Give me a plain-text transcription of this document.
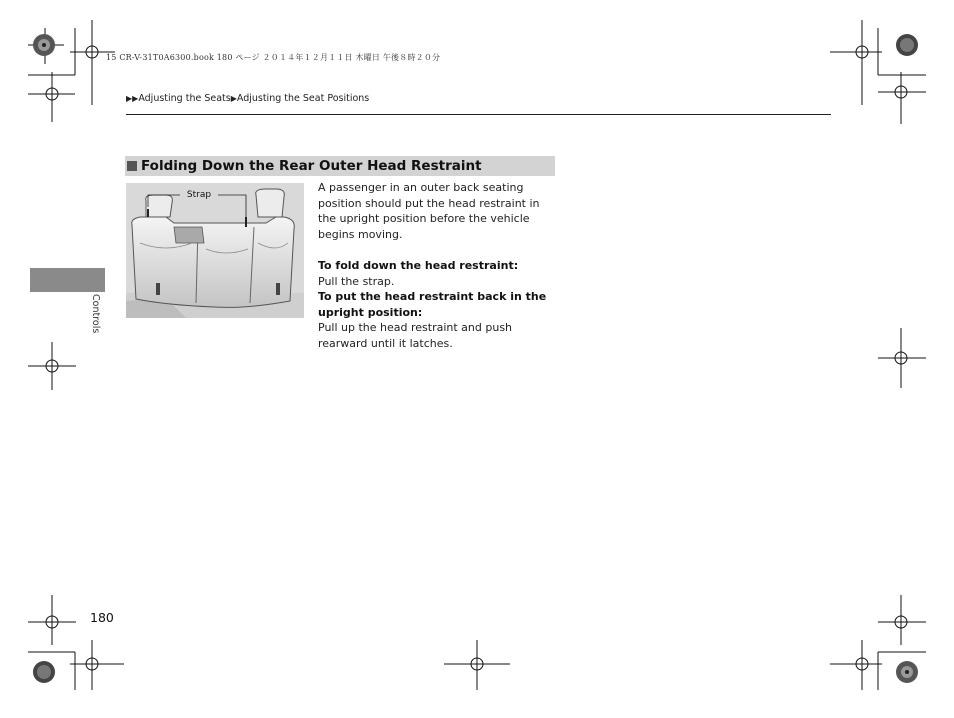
15 CR-V-31T0A6300.book 180 ページ ２０１４年１２月１１日 木曜日 午後８時２０分
▶▶Adjusting the Seats▶Adjusting the Seat Positions
Folding Down the Rear Outer Head Restraint
Strap

A passenger in an outer back seating position should put the head restraint in the upright position before the vehicle begins moving.

To fold down the head restraint:

Pull the strap.

To put the head restraint back in the upright position:

Pull up the head restraint and push rearward until it latches.

Controls
180
